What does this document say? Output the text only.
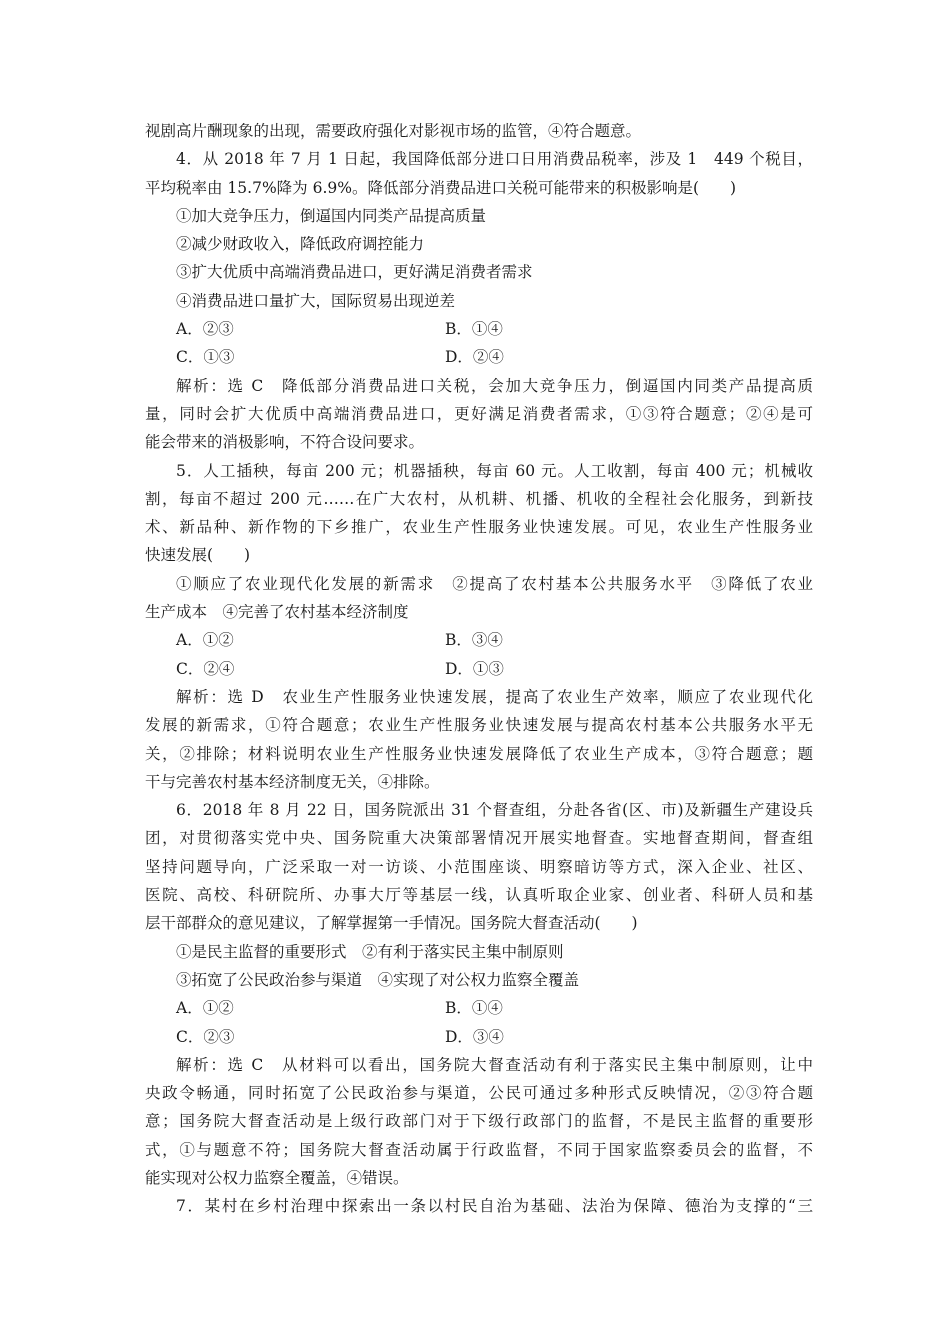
视剧高片酬现象的出现，需要政府强化对影视市场的监管，④符合题意。
4．从 2018 年 7 月 1 日起，我国降低部分进口日用消费品税率，涉及 1　449 个税目，
平均税率由 15.7%降为 6.9%。降低部分消费品进口关税可能带来的积极影响是(　　)
①加大竞争压力，倒逼国内同类产品提高质量
②减少财政收入，降低政府调控能力
③扩大优质中高端消费品进口，更好满足消费者需求
④消费品进口量扩大，国际贸易出现逆差
A．②③	B．①④
C．①③	D．②④
解析：选 C　降低部分消费品进口关税，会加大竞争压力，倒逼国内同类产品提高质
量，同时会扩大优质中高端消费品进口，更好满足消费者需求，①③符合题意；②④是可
能会带来的消极影响，不符合设问要求。
5．人工插秧，每亩 200 元；机器插秧，每亩 60 元。人工收割，每亩 400 元；机械收
割，每亩不超过 200 元……在广大农村，从机耕、机播、机收的全程社会化服务，到新技
术、新品种、新作物的下乡推广，农业生产性服务业快速发展。可见，农业生产性服务业
快速发展(　　)
①顺应了农业现代化发展的新需求　②提高了农村基本公共服务水平　③降低了农业
生产成本　④完善了农村基本经济制度
A．①②	B．③④
C．②④	D．①③
解析：选 D　农业生产性服务业快速发展，提高了农业生产效率，顺应了农业现代化
发展的新需求，①符合题意；农业生产性服务业快速发展与提高农村基本公共服务水平无
关，②排除；材料说明农业生产性服务业快速发展降低了农业生产成本，③符合题意；题
干与完善农村基本经济制度无关，④排除。
6．2018 年 8 月 22 日，国务院派出 31 个督查组，分赴各省(区、市)及新疆生产建设兵
团，对贯彻落实党中央、国务院重大决策部署情况开展实地督查。实地督查期间，督查组
坚持问题导向，广泛采取一对一访谈、小范围座谈、明察暗访等方式，深入企业、社区、
医院、高校、科研院所、办事大厅等基层一线，认真听取企业家、创业者、科研人员和基
层干部群众的意见建议，了解掌握第一手情况。国务院大督查活动(　　)
①是民主监督的重要形式　②有利于落实民主集中制原则
③拓宽了公民政治参与渠道　④实现了对公权力监察全覆盖
A．①②	B．①④
C．②③	D．③④
解析：选 C　从材料可以看出，国务院大督查活动有利于落实民主集中制原则，让中
央政令畅通，同时拓宽了公民政治参与渠道，公民可通过多种形式反映情况，②③符合题
意；国务院大督查活动是上级行政部门对于下级行政部门的监督，不是民主监督的重要形
式，①与题意不符；国务院大督查活动属于行政监督，不同于国家监察委员会的监督，不
能实现对公权力监察全覆盖，④错误。
7．某村在乡村治理中探索出一条以村民自治为基础、法治为保障、德治为支撑的“三
